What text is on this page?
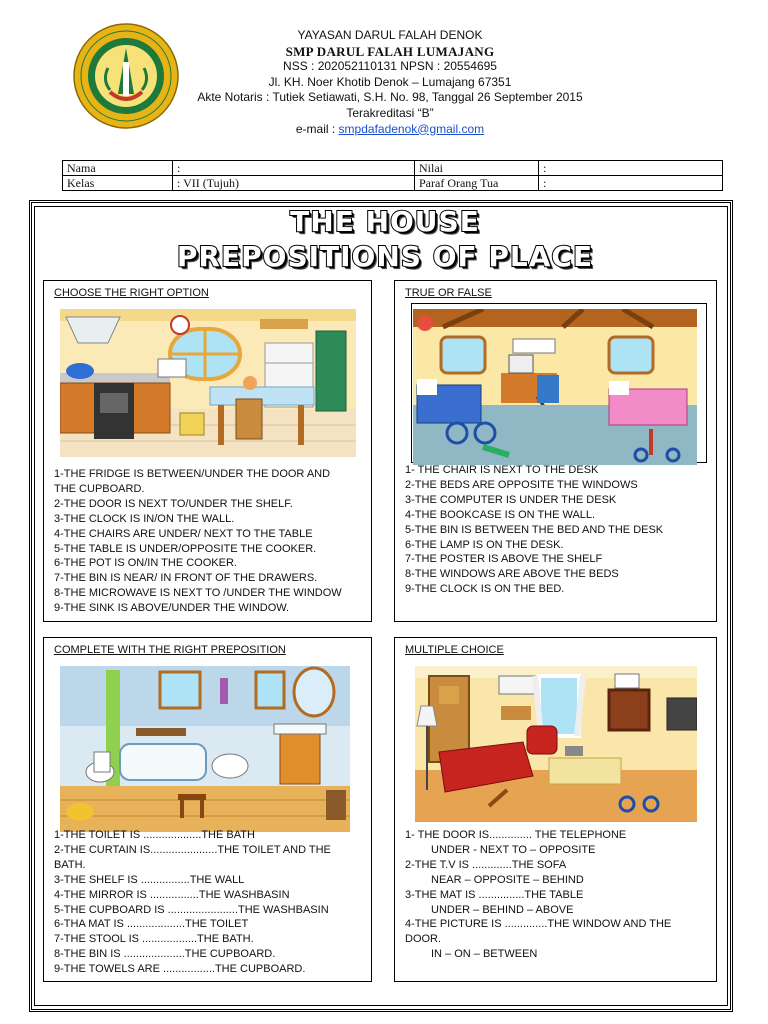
YAYASAN DARUL FALAH DENOK
SMP DARUL FALAH LUMAJANG
NSS : 202052110131 NPSN : 20554695
Jl. KH. Noer Khotib Denok – Lumajang 67351
Akte Notaris : Tutiek Setiawati, S.H. No. 98, Tanggal 26 September 2015
Terakreditasi “B”
e-mail : smpdafadenok@gmail.com
Nama	:	Nilai	:
Kelas	: VII (Tujuh)	Paraf Orang Tua	:
THE HOUSE
PREPOSITIONS OF PLACE
CHOOSE THE RIGHT OPTION
1-THE FRIDGE IS BETWEEN/UNDER THE DOOR AND
THE CUPBOARD.
2-THE DOOR IS NEXT TO/UNDER THE SHELF.
3-THE CLOCK IS IN/ON THE WALL.
4-THE CHAIRS ARE UNDER/ NEXT TO THE TABLE
5-THE TABLE IS UNDER/OPPOSITE THE COOKER.
6-THE POT IS ON/IN THE COOKER.
7-THE BIN IS NEAR/ IN FRONT OF THE DRAWERS.
8-THE MICROWAVE IS NEXT TO /UNDER THE WINDOW
9-THE SINK IS ABOVE/UNDER THE WINDOW.
TRUE OR FALSE
1- THE CHAIR IS NEXT TO THE DESK
2-THE BEDS ARE OPPOSITE THE WINDOWS
3-THE COMPUTER IS UNDER THE DESK
4-THE BOOKCASE IS ON THE WALL.
5-THE BIN IS BETWEEN THE BED AND THE DESK
6-THE LAMP IS ON THE DESK.
7-THE POSTER IS ABOVE THE SHELF
8-THE WINDOWS ARE ABOVE THE BEDS
9-THE CLOCK IS ON THE BED.
COMPLETE WITH THE RIGHT PREPOSITION
1-THE TOILET IS ...................THE BATH
2-THE CURTAIN IS......................THE TOILET AND THE
BATH.
3-THE SHELF IS ................THE WALL
4-THE MIRROR IS ................THE WASHBASIN
5-THE CUPBOARD IS .......................THE WASHBASIN
6-THA MAT IS ...................THE TOILET
7-THE STOOL IS ..................THE BATH.
8-THE BIN IS ....................THE CUPBOARD.
9-THE TOWELS ARE .................THE CUPBOARD.
MULTIPLE CHOICE
1- THE DOOR IS.............. THE TELEPHONE
UNDER - NEXT TO – OPPOSITE
2-THE T.V IS .............THE SOFA
NEAR – OPPOSITE – BEHIND
3-THE MAT IS ...............THE TABLE
UNDER – BEHIND – ABOVE
4-THE PICTURE IS ..............THE WINDOW AND THE
DOOR.
IN – ON – BETWEEN
